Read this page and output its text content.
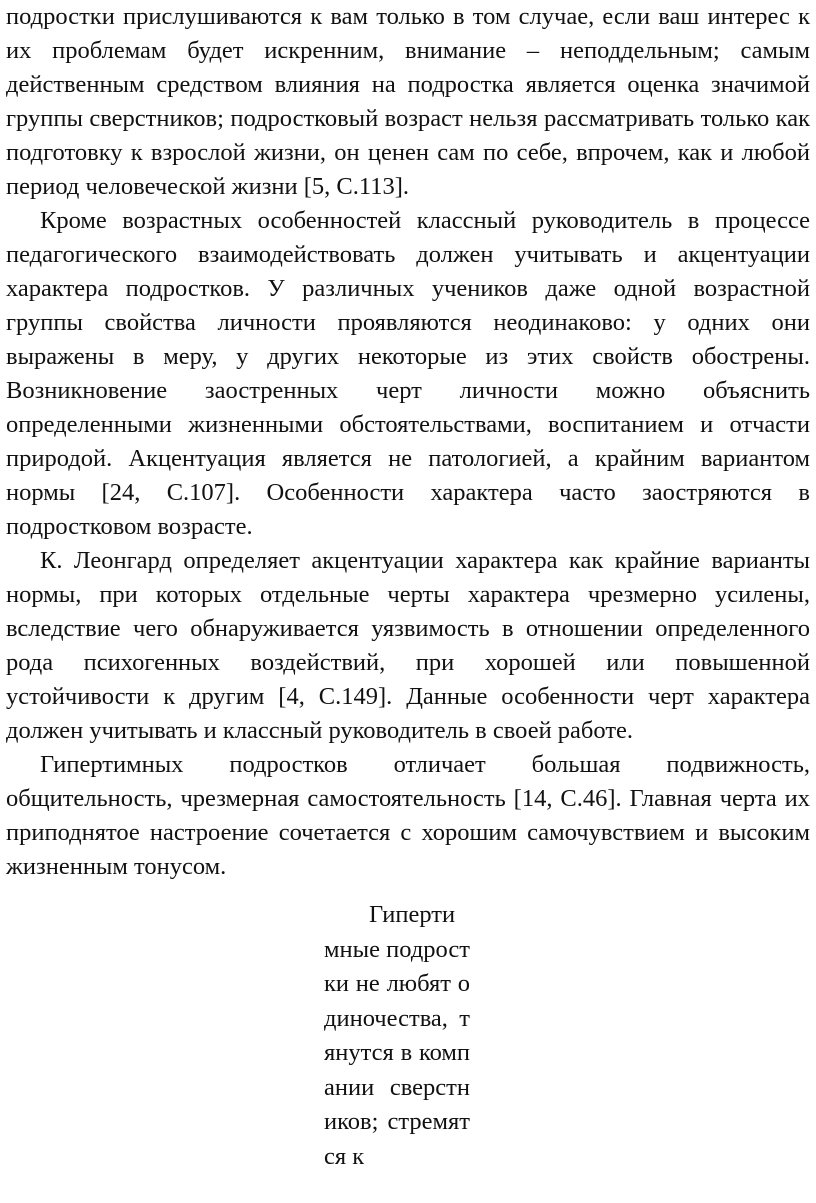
подростки прислушиваются к вам только в том случае, если ваш интерес к их проблемам будет искренним, внимание – неподдельным; самым действенным средством влияния на подростка является оценка значимой группы сверстников; подростковый возраст нельзя рассматривать только как подготовку к взрослой жизни, он ценен сам по себе, впрочем, как и любой период человеческой жизни [5, С.113].

Кроме возрастных особенностей классный руководитель в процессе педагогического взаимодействовать должен учитывать и акцентуации характера подростков. У различных учеников даже одной возрастной группы свойства личности проявляются неодинаково: у одних они выражены в меру, у других некоторые из этих свойств обострены. Возникновение заостренных черт личности можно объяснить определенными жизненными обстоятельствами, воспитанием и отчасти природой. Акцентуация является не патологией, а крайним вариантом нормы [24, С.107]. Особенности характера часто заостряются в подростковом возрасте.

К. Леонгард определяет акцентуации характера как крайние варианты нормы, при которых отдельные черты характера чрезмерно усилены, вследствие чего обнаруживается уязвимость в отношении определенного рода психогенных воздействий, при хорошей или повышенной устойчивости к другим [4, С.149]. Данные особенности черт характера должен учитывать и классный руководитель в своей работе.

Гипертимных подростков отличает большая подвижность, общительность, чрезмерная самостоятельность [14, С.46]. Главная черта их приподнятое настроение сочетается с хорошим самочувствием и высоким жизненным тонусом.

Гипертимные подростки не любят одиночества, тянутся в компании сверстников; стремятся к
